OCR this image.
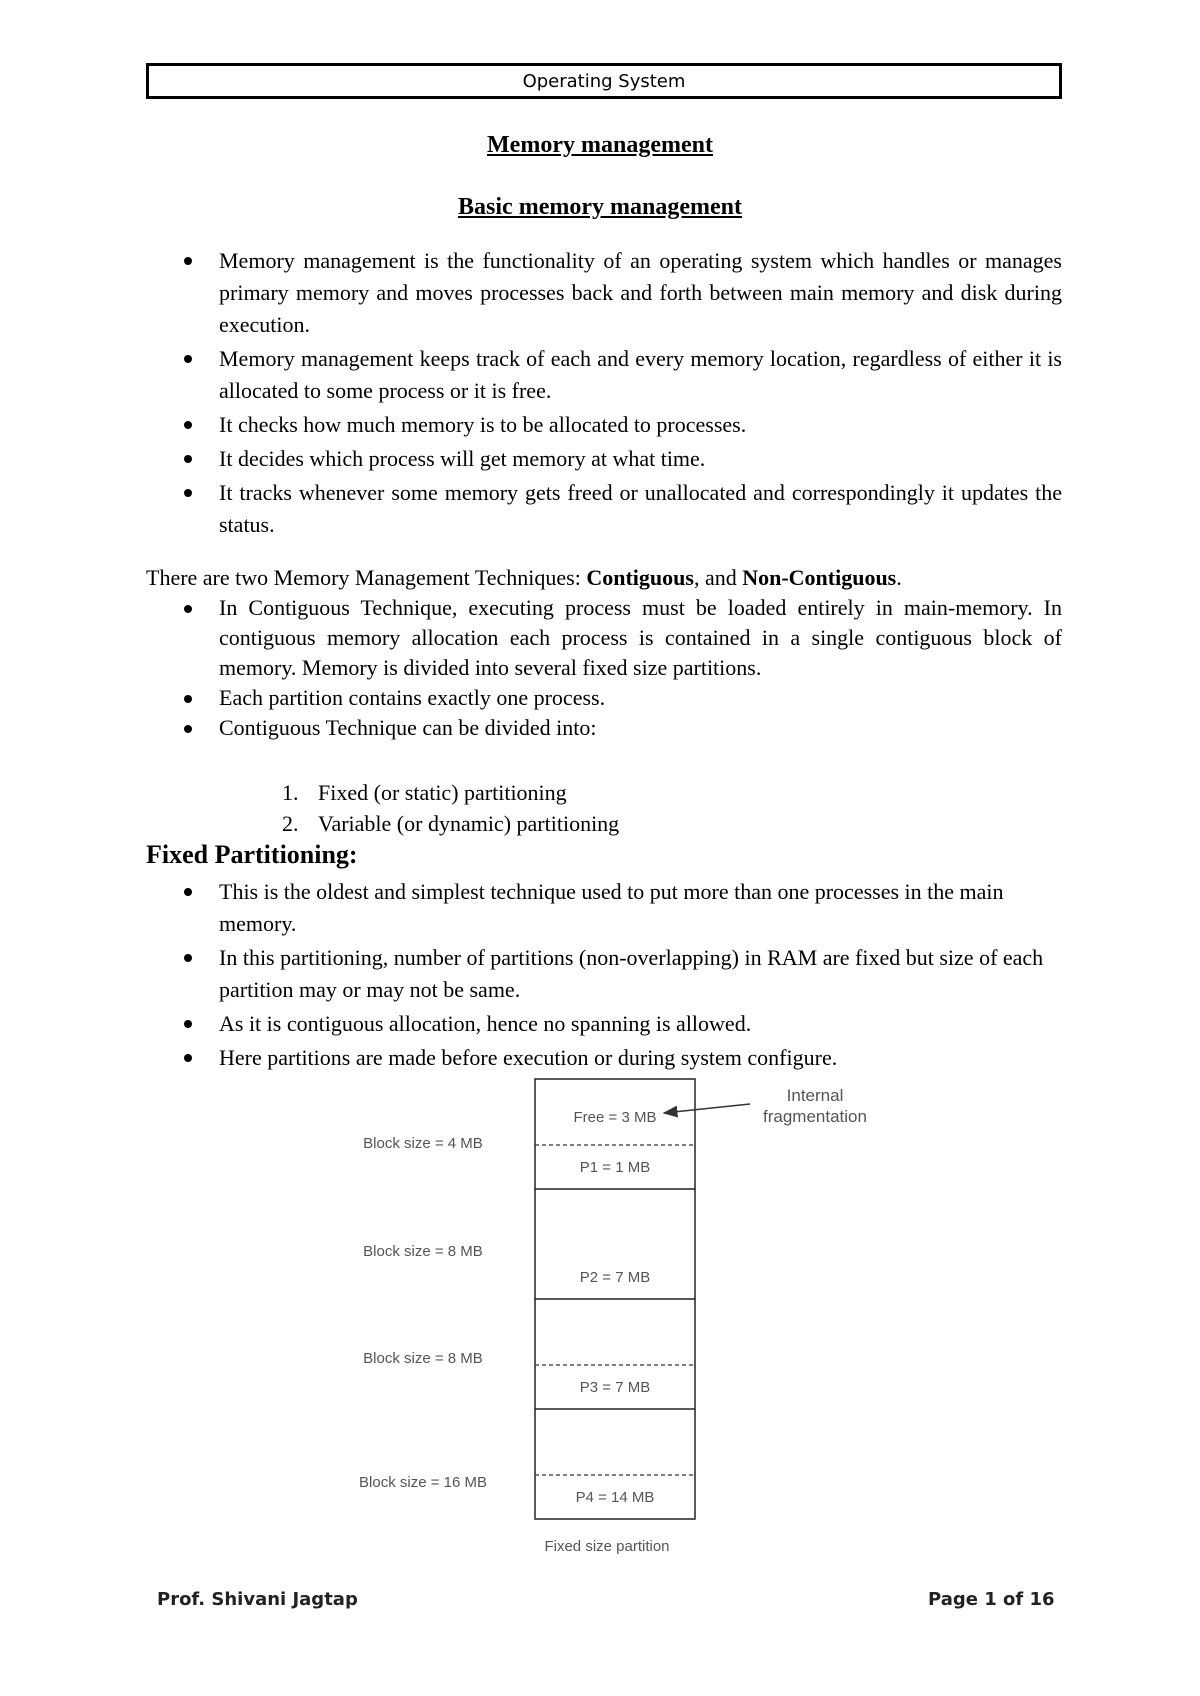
Operating System
Memory management
Basic memory management
Memory management is the functionality of an operating system which handles or manages primary memory and moves processes back and forth between main memory and disk during execution.
Memory management keeps track of each and every memory location, regardless of either it is allocated to some process or it is free.
It checks how much memory is to be allocated to processes.
It decides which process will get memory at what time.
It tracks whenever some memory gets freed or unallocated and correspondingly it updates the status.

There are two Memory Management Techniques: Contiguous, and Non-Contiguous.

In Contiguous Technique, executing process must be loaded entirely in main-memory. In contiguous memory allocation each process is contained in a single contiguous block of memory. Memory is divided into several fixed size partitions.
Each partition contains exactly one process.
Contiguous Technique can be divided into:
1. Fixed (or static) partitioning
2. Variable (or dynamic) partitioning
Fixed Partitioning:
This is the oldest and simplest technique used to put more than one processes in the main memory.
In this partitioning, number of partitions (non-overlapping) in RAM are fixed but size of each partition may or may not be same.
As it is contiguous allocation, hence no spanning is allowed.
Here partitions are made before execution or during system configure.
Free = 3 MB
P1 = 1 MB
P2 = 7 MB
P3 = 7 MB
P4 = 14 MB
Block size = 4 MB
Block size = 8 MB
Block size = 8 MB
Block size = 16 MB
Internal
fragmentation
Fixed size partition
Prof. Shivani Jagtap	Page 1 of 16
